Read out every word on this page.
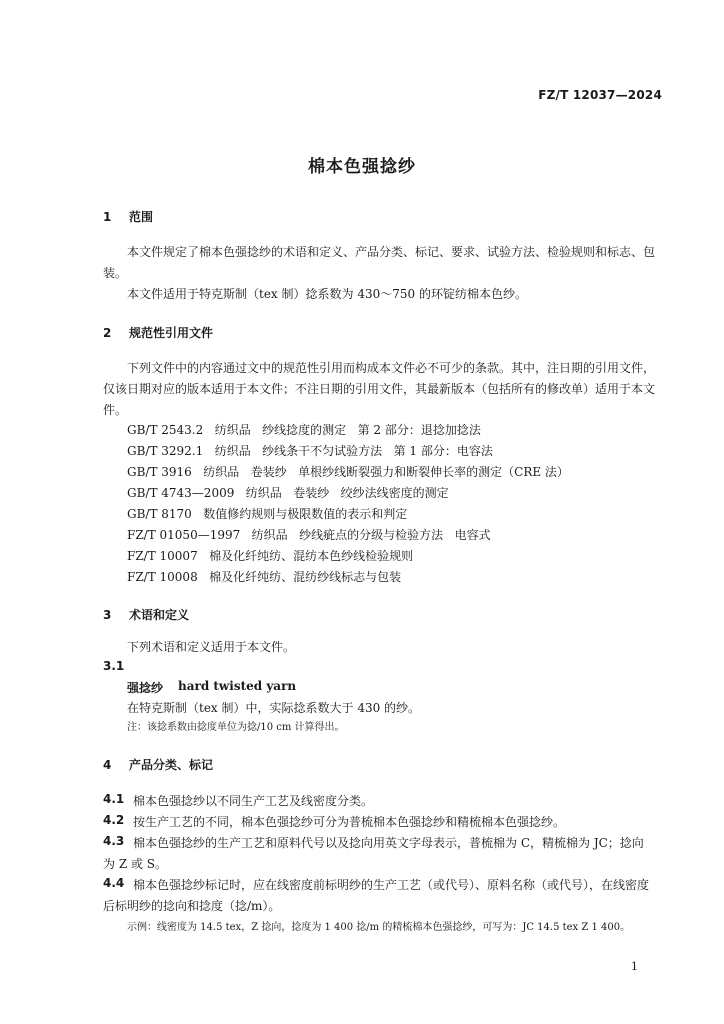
FZ/T 12037—2024
棉本色强捻纱
1 范围

本文件规定了棉本色强捻纱的术语和定义、产品分类、标记、要求、试验方法、检验规则和标志、包装。

本文件适用于特克斯制（tex 制）捻系数为 430～750 的环锭纺棉本色纱。

2 规范性引用文件

下列文件中的内容通过文中的规范性引用而构成本文件必不可少的条款。其中，注日期的引用文件，仅该日期对应的版本适用于本文件；不注日期的引用文件，其最新版本（包括所有的修改单）适用于本文件。

GB/T 2543.2   纺织品   纱线捻度的测定   第 2 部分：退捻加捻法
GB/T 3292.1   纺织品   纱线条干不匀试验方法   第 1 部分：电容法
GB/T 3916   纺织品   卷装纱   单根纱线断裂强力和断裂伸长率的测定（CRE 法）
GB/T 4743—2009   纺织品   卷装纱   绞纱法线密度的测定
GB/T 8170   数值修约规则与极限数值的表示和判定
FZ/T 01050—1997   纺织品   纱线疵点的分级与检验方法   电容式
FZ/T 10007   棉及化纤纯纺、混纺本色纱线检验规则
FZ/T 10008   棉及化纤纯纺、混纺纱线标志与包装
3 术语和定义
下列术语和定义适用于本文件。
3.1
强捻纱 hard twisted yarn
在特克斯制（tex 制）中，实际捻系数大于 430 的纱。
注：该捻系数由捻度单位为捻/10 cm 计算得出。
4 产品分类、标记
4.1 棉本色强捻纱以不同生产工艺及线密度分类。
4.2 按生产工艺的不同，棉本色强捻纱可分为普梳棉本色强捻纱和精梳棉本色强捻纱。
4.3 棉本色强捻纱的生产工艺和原料代号以及捻向用英文字母表示，普梳棉为 C，精梳棉为 JC；捻向
为 Z 或 S。
4.4 棉本色强捻纱标记时，应在线密度前标明纱的生产工艺（或代号）、原料名称（或代号），在线密度
后标明纱的捻向和捻度（捻/m）。
示例：线密度为 14.5 tex，Z 捻向，捻度为 1 400 捻/m 的精梳棉本色强捻纱，可写为：JC 14.5 tex Z 1 400。
1
